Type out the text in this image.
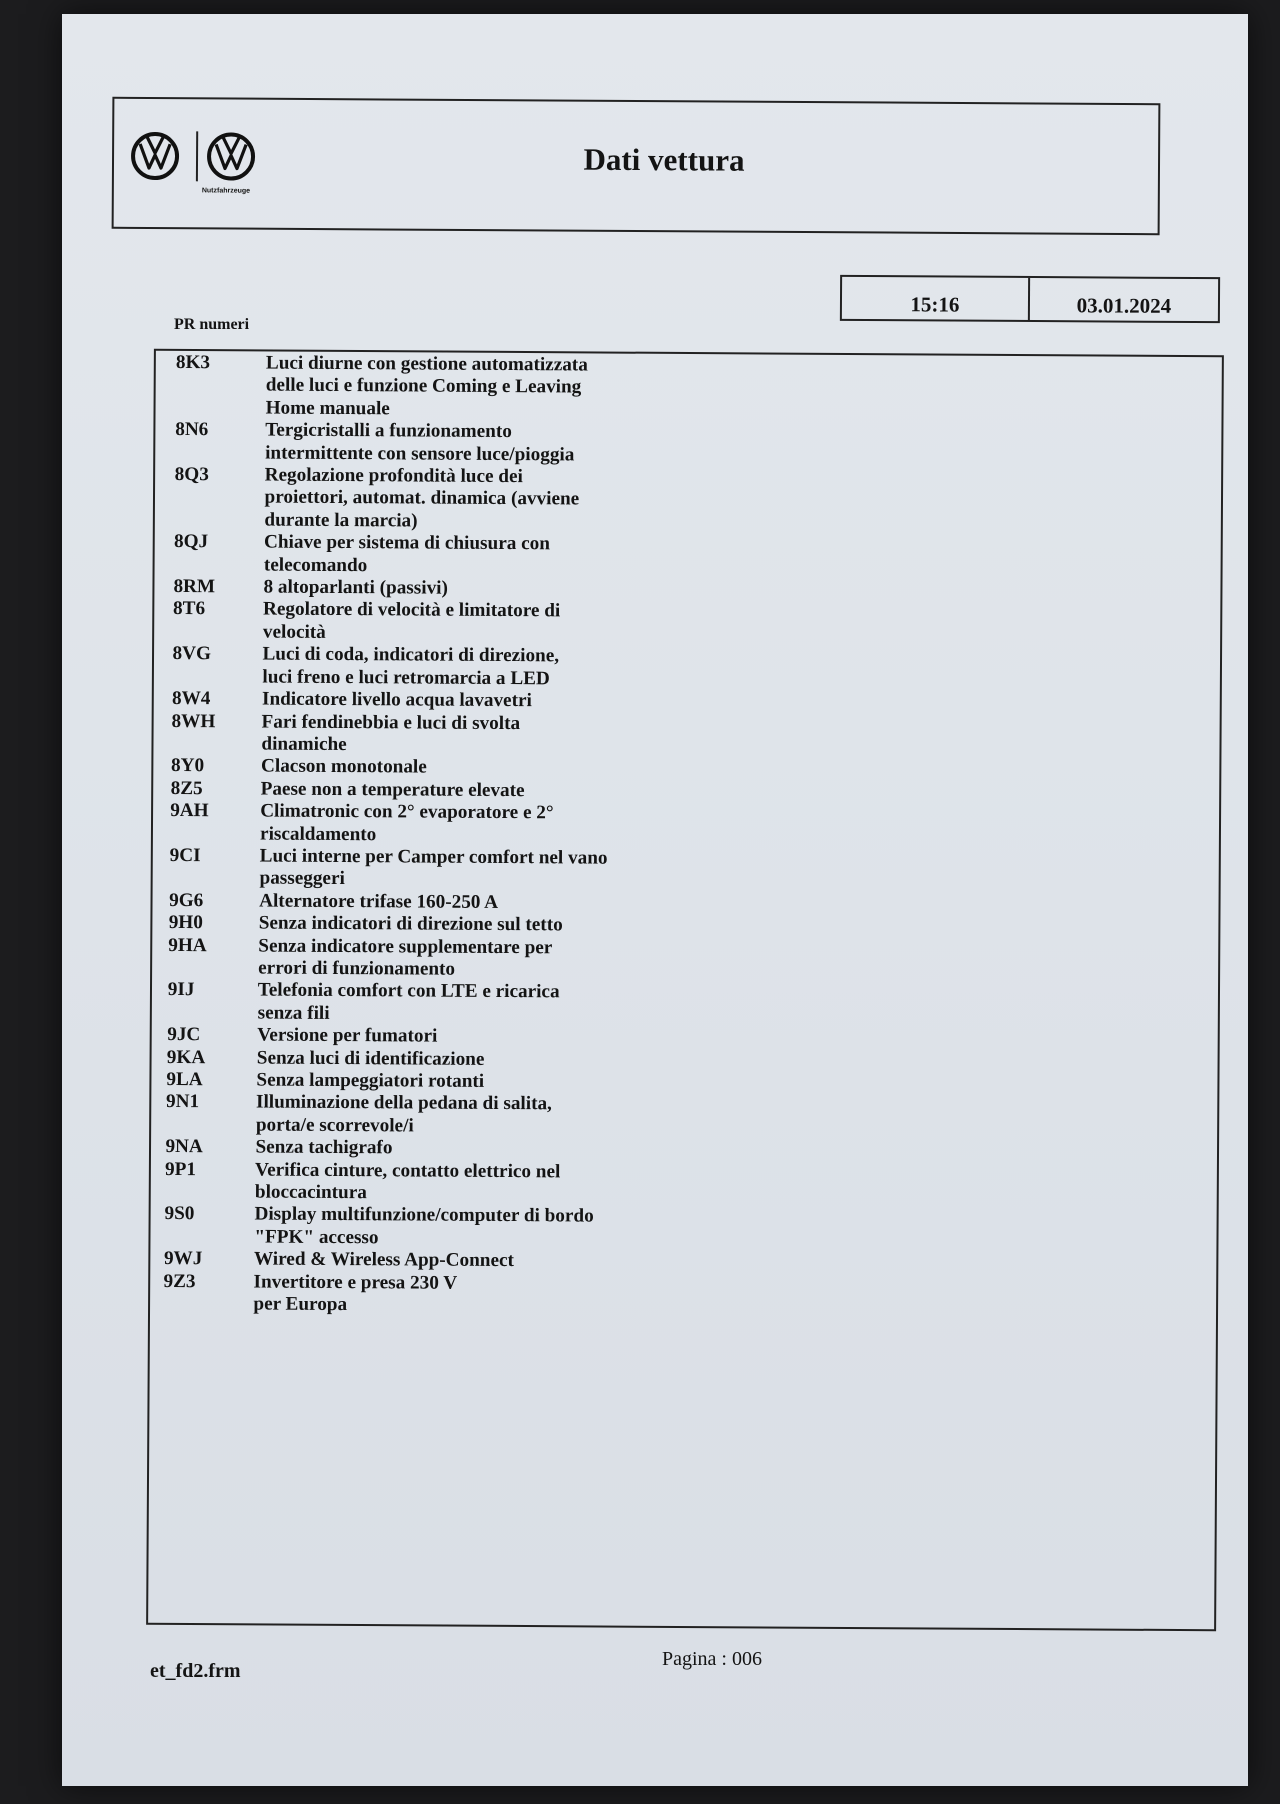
Nutzfahrzeuge
Dati vettura
15:16	03.01.2024
PR numeri
8K3	Luci diurne con gestione automatizzata
delle luci e funzione Coming e Leaving
Home manuale
8N6	Tergicristalli a funzionamento
intermittente con sensore luce/pioggia
8Q3	Regolazione profondità luce dei
proiettori, automat. dinamica (avviene
durante la marcia)
8QJ	Chiave per sistema di chiusura con
telecomando
8RM	8 altoparlanti (passivi)
8T6	Regolatore di velocità e limitatore di
velocità
8VG	Luci di coda, indicatori di direzione,
luci freno e luci retromarcia a LED
8W4	Indicatore livello acqua lavavetri
8WH	Fari fendinebbia e luci di svolta
dinamiche
8Y0	Clacson monotonale
8Z5	Paese non a temperature elevate
9AH	Climatronic con 2° evaporatore e 2°
riscaldamento
9CI	Luci interne per Camper comfort nel vano
passeggeri
9G6	Alternatore trifase 160-250 A
9H0	Senza indicatori di direzione sul tetto
9HA	Senza indicatore supplementare per
errori di funzionamento
9IJ	Telefonia comfort con LTE e ricarica
senza fili
9JC	Versione per fumatori
9KA	Senza luci di identificazione
9LA	Senza lampeggiatori rotanti
9N1	Illuminazione della pedana di salita,
porta/e scorrevole/i
9NA	Senza tachigrafo
9P1	Verifica cinture, contatto elettrico nel
bloccacintura
9S0	Display multifunzione/computer di bordo
"FPK" accesso
9WJ	Wired & Wireless App-Connect
9Z3	Invertitore e presa 230 V
per Europa
et_fd2.frm
Pagina : 006
